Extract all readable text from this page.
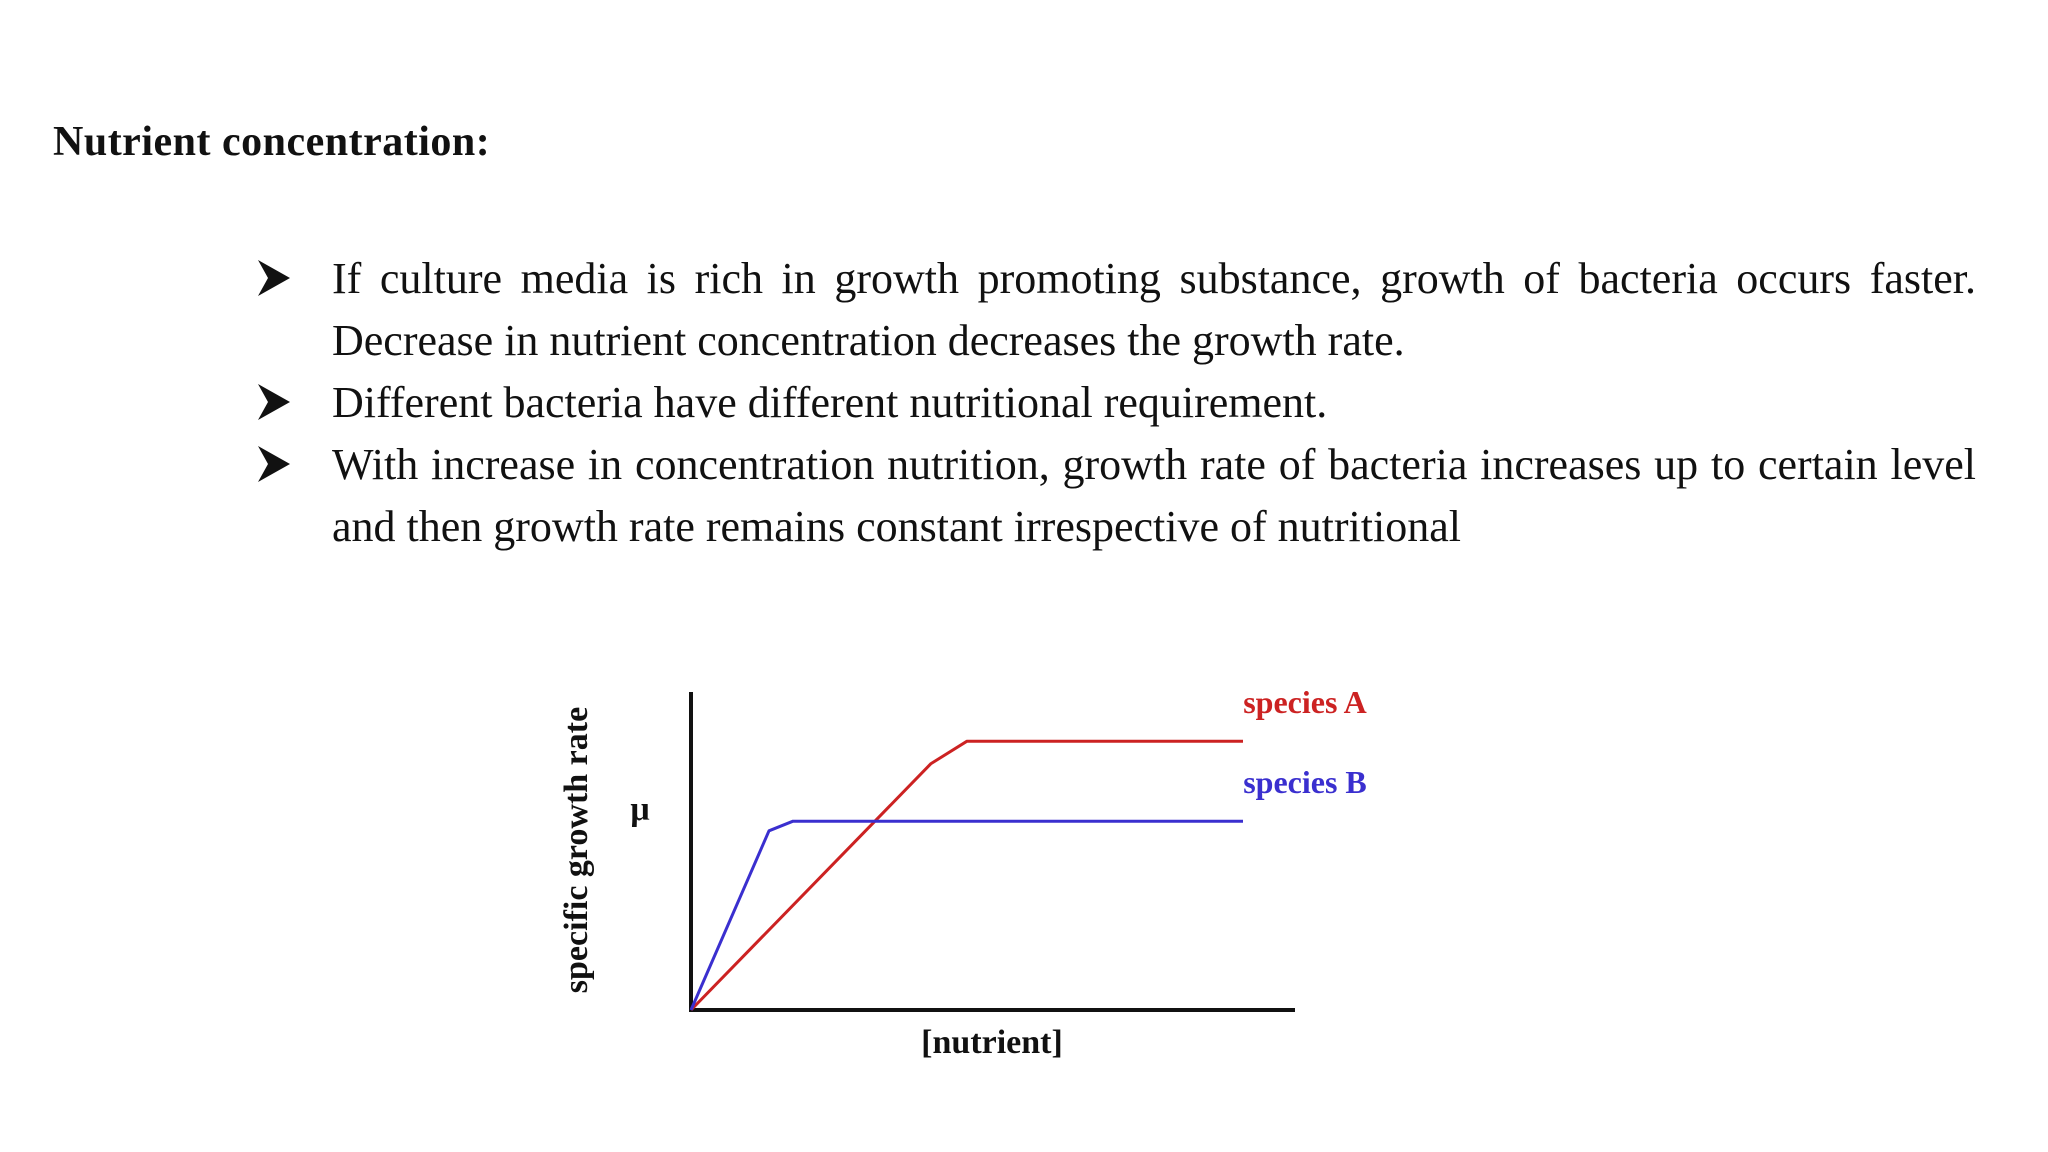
Nutrient concentration:
If culture media is rich in growth promoting substance, growth of bacteria occurs faster. Decrease in nutrient concentration decreases the growth rate.
Different bacteria have different nutritional requirement.
With increase in concentration nutrition, growth rate of bacteria increases up to certain level and then growth rate remains constant irrespective of nutritional
specific growth rate μ
[nutrient]
species A
species B
